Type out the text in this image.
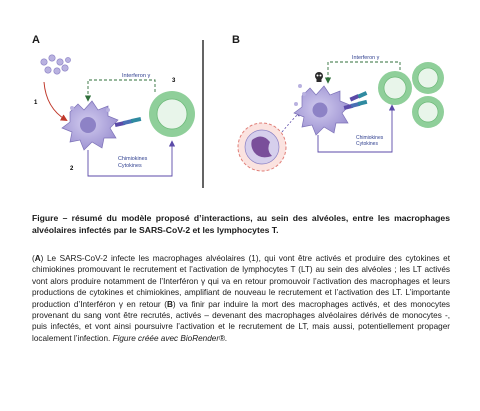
A	B
1
3
Interferon γ
Chimiokines
Cytokines
2
Interferon γ
Chimiokines
Cytokines
Figure – résumé du modèle proposé d’interactions, au sein des alvéoles, entre les macrophages alvéolaires infectés par le SARS-CoV-2 et les lymphocytes T.
(A) Le SARS-CoV-2 infecte les macrophages alvéolaires (1), qui vont être activés et produire des cytokines et chimiokines promouvant le recrutement et l’activation de lymphocytes T (LT) au sein des alvéoles ; les LT activés vont alors produire notamment de l’Interféron γ qui va en retour promouvoir l’activation des macrophages et leurs productions de cytokines et chimiokines, amplifiant de nouveau le recrutement et l’activation des LT. L’importante production d’Interféron γ en retour (B) va finir par induire la mort des macrophages activés, et des monocytes provenant du sang vont être recrutés, activés – devenant des macrophages alvéolaires dérivés de monocytes -, puis infectés, et vont ainsi poursuivre l’activation et le recrutement de LT, mais aussi, potentiellement propager localement l’infection. Figure créée avec BioRender®.
